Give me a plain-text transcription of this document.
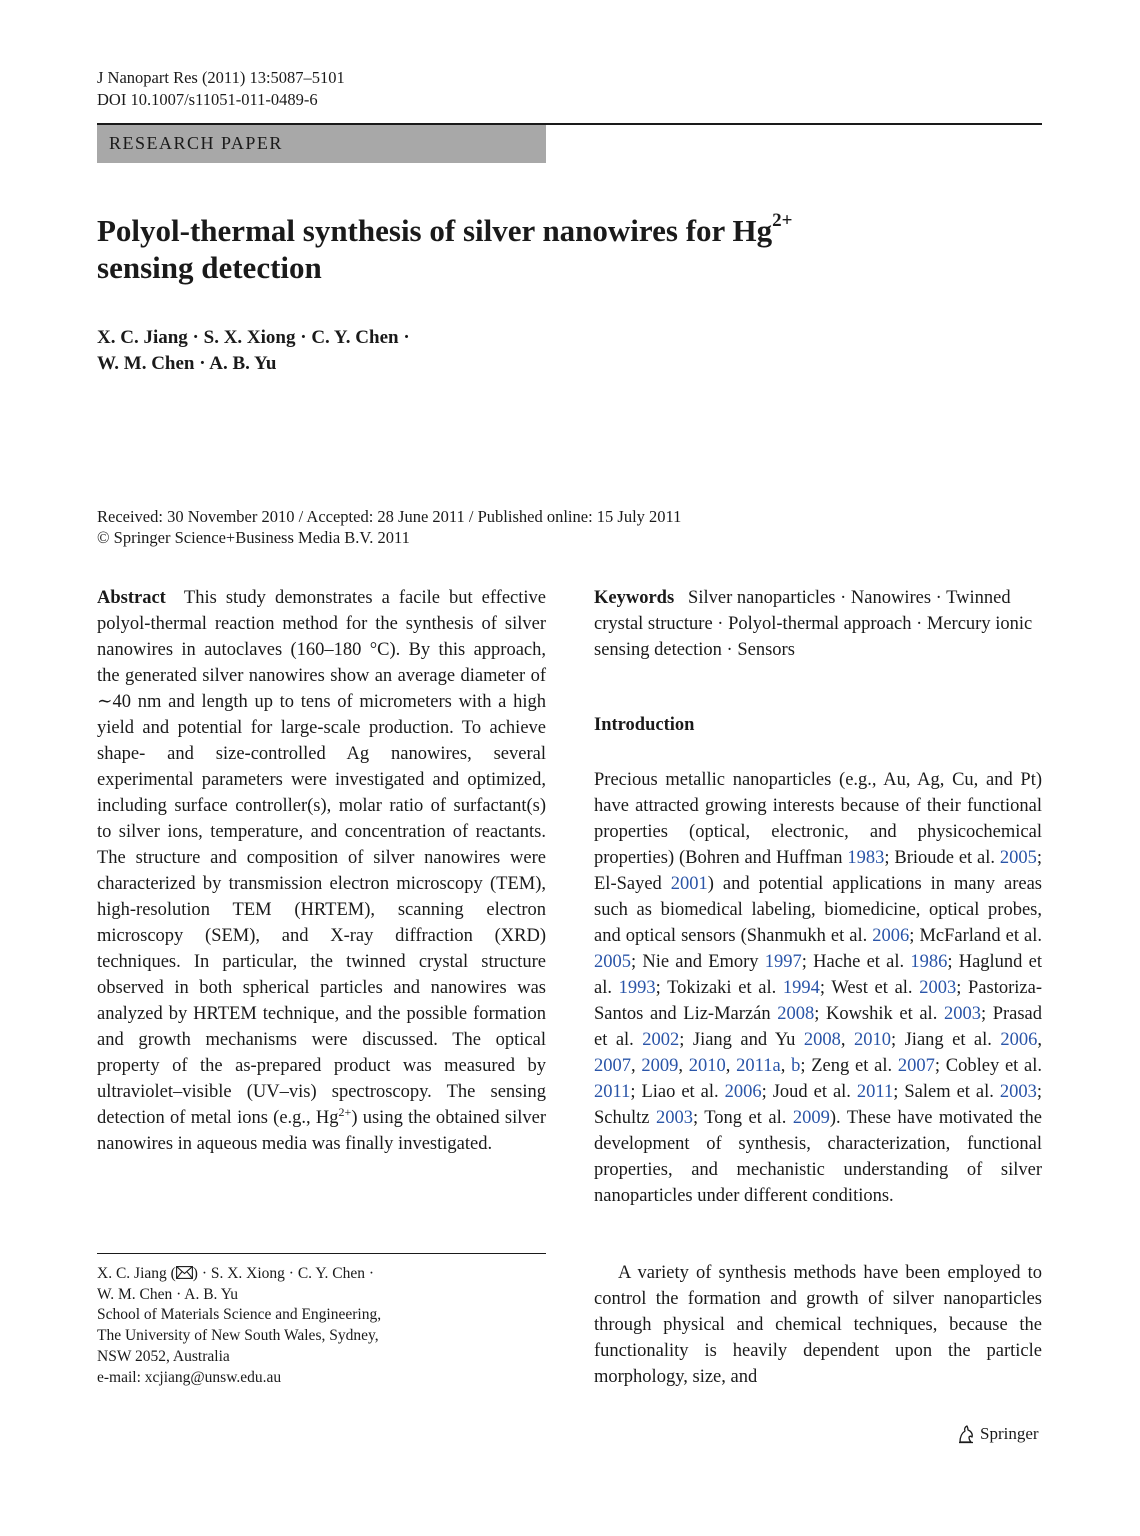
J Nanopart Res (2011) 13:5087–5101
DOI 10.1007/s11051-011-0489-6
RESEARCH PAPER
Polyol-thermal synthesis of silver nanowires for $Hg^{2+}$
sensing detection
X. C. Jiang · S. X. Xiong · C. Y. Chen ·
W. M. Chen · A. B. Yu
Received: 30 November 2010 / Accepted: 28 June 2011 / Published online: 15 July 2011
© Springer Science+Business Media B.V. 2011
Abstract This study demonstrates a facile but effective polyol-thermal reaction method for the synthesis of silver nanowires in autoclaves (160–180 °C). By this approach, the generated silver nanowires show an average diameter of ∼40 nm and length up to tens of micrometers with a high yield and potential for large-scale production. To achieve shape- and size-controlled Ag nanowires, several experimental parameters were investigated and optimized, including surface controller(s), molar ratio of surfactant(s) to silver ions, temperature, and concentration of reactants. The structure and composition of silver nanowires were characterized by transmission electron microscopy (TEM), high-resolution TEM (HRTEM), scanning electron microscopy (SEM), and X-ray diffraction (XRD) techniques. In particular, the twinned crystal structure observed in both spherical particles and nanowires was analyzed by HRTEM technique, and the possible formation and growth mechanisms were discussed. The optical property of the as-prepared product was measured by ultraviolet–visible (UV–vis) spectroscopy. The sensing detection of metal ions (e.g., $Hg^{2+}$) using the obtained silver nanowires in aqueous media was finally investigated.
X. C. Jiang ( ) · S. X. Xiong · C. Y. Chen ·
W. M. Chen · A. B. Yu
School of Materials Science and Engineering,
The University of New South Wales, Sydney,
NSW 2052, Australia
e-mail: xcjiang@unsw.edu.au
Keywords Silver nanoparticles · Nanowires · Twinned crystal structure · Polyol-thermal approach · Mercury ionic sensing detection · Sensors
Introduction
Precious metallic nanoparticles (e.g., Au, Ag, Cu, and Pt) have attracted growing interests because of their functional properties (optical, electronic, and physicochemical properties) (Bohren and Huffman 1983; Brioude et al. 2005; El-Sayed 2001) and potential applications in many areas such as biomedical labeling, biomedicine, optical probes, and optical sensors (Shanmukh et al. 2006; McFarland et al. 2005; Nie and Emory 1997; Hache et al. 1986; Haglund et al. 1993; Tokizaki et al. 1994; West et al. 2003; Pastoriza-Santos and Liz-Marzán 2008; Kowshik et al. 2003; Prasad et al. 2002; Jiang and Yu 2008, 2010; Jiang et al. 2006, 2007, 2009, 2010, 2011a, b; Zeng et al. 2007; Cobley et al. 2011; Liao et al. 2006; Joud et al. 2011; Salem et al. 2003; Schultz 2003; Tong et al. 2009). These have motivated the development of synthesis, characterization, functional properties, and mechanistic understanding of silver nanoparticles under different conditions.
A variety of synthesis methods have been employed to control the formation and growth of silver nanoparticles through physical and chemical techniques, because the functionality is heavily dependent upon the particle morphology, size, and
Springer
